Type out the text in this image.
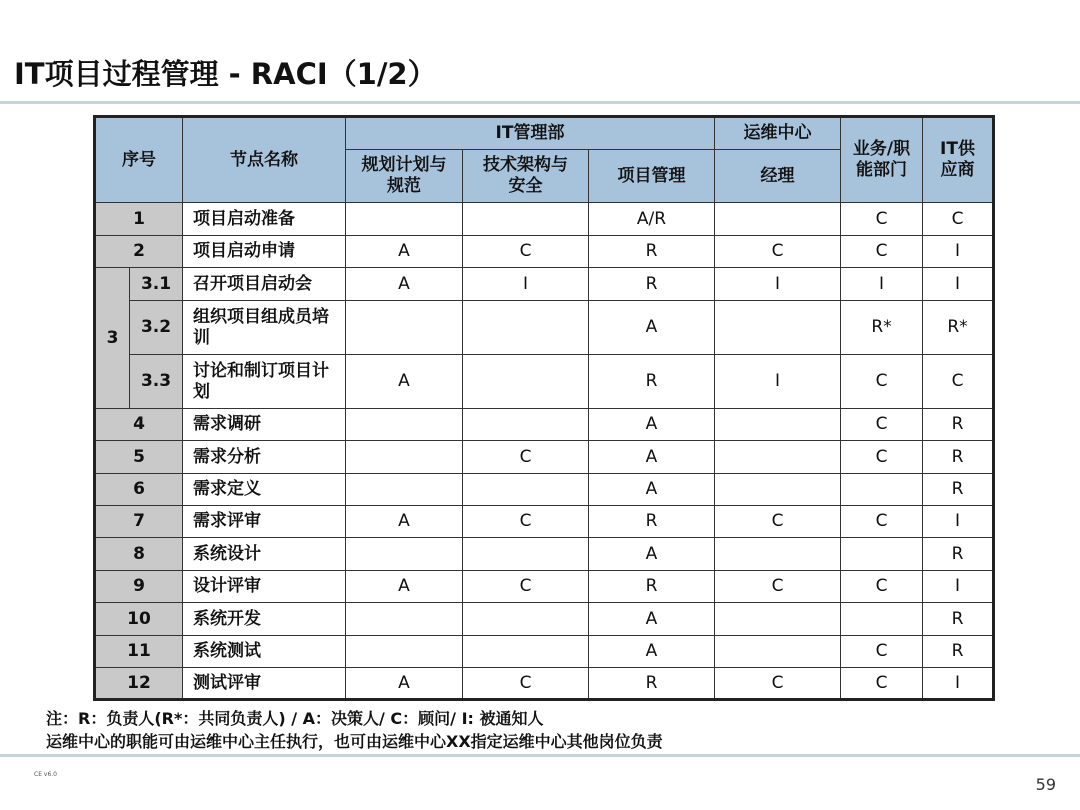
IT项目过程管理 - RACI（1/2）
序号		节点名称	IT管理部			运维中心	业务/职能部门	IT供应商
			规划计划与规范	技术架构与安全	项目管理	经理		
1		项目启动准备			A/R		C	C
2		项目启动申请	A	C	R	C	C	I
3	3.1	召开项目启动会	A	I	R	I	I	I
	3.2	组织项目组成员培训			A		R*	R*
	3.3	讨论和制订项目计划	A		R	I	C	C
4		需求调研			A		C	R
5		需求分析		C	A		C	R
6		需求定义			A			R
7		需求评审	A	C	R	C	C	I
8		系统设计			A			R
9		设计评审	A	C	R	C	C	I
10		系统开发			A			R
11		系统测试			A		C	R
12		测试评审	A	C	R	C	C	I
注：R：负责人(R*：共同负责人) / A：决策人/ C：顾问/ I: 被通知人
运维中心的职能可由运维中心主任执行，也可由运维中心XX指定运维中心其他岗位负责
CE v6.0
59
